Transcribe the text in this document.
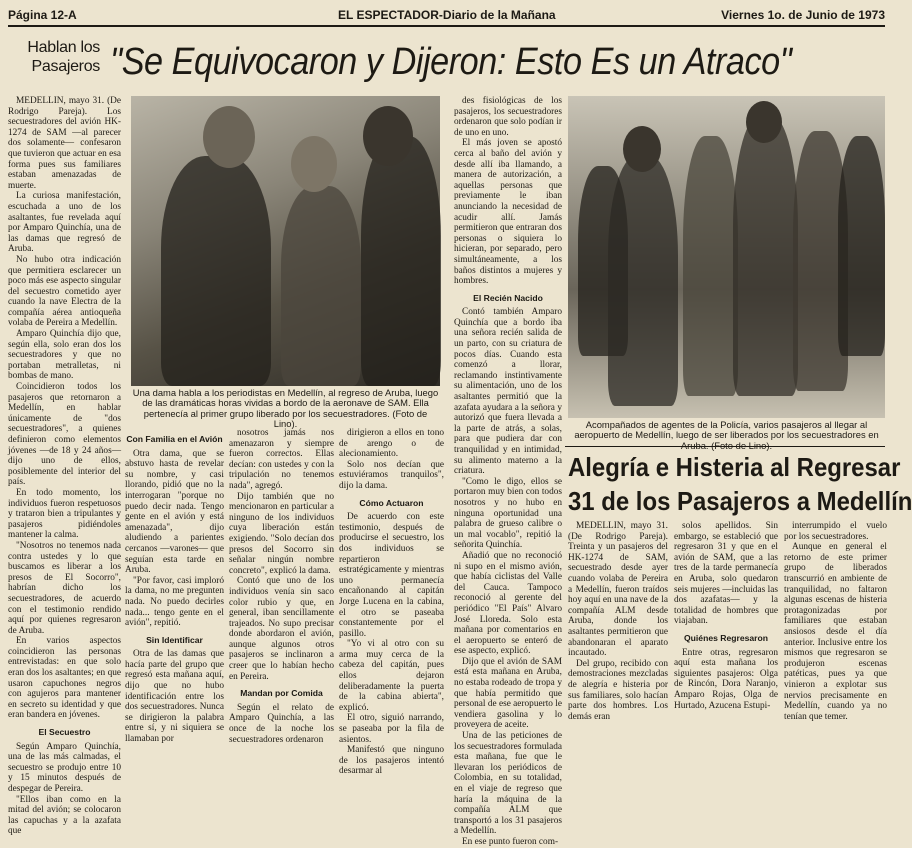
Página 12-A	EL ESPECTADOR-Diario de la Mañana	Viernes 1o. de Junio de 1973
Hablan los Pasajeros "Se Equivocaron y Dijeron: Esto Es un Atraco"

MEDELLIN, mayo 31. (De Rodrigo Pareja). Los secuestradores del avión HK-1274 de SAM —al parecer dos solamente— confesaron que tuvieron que actuar en esa forma pues sus familiares estaban amenazadas de muerte.

La curiosa manifestación, escuchada a uno de los asaltantes, fue revelada aquí por Amparo Quinchía, una de las damas que regresó de Aruba.

No hubo otra indicación que permitiera esclarecer un poco más ese aspecto singular del secuestro cometido ayer cuando la nave Electra de la compañía aérea antioqueña volaba de Pereira a Medellín.

Amparo Quinchía dijo que, según ella, solo eran dos los secuestradores y que no portaban metralletas, ni bombas de mano.

Coincidieron todos los pasajeros que retornaron a Medellín, en hablar únicamente de "dos secuestradores", a quienes definieron como elementos jóvenes —de 18 y 24 años— dijo uno de ellos, posiblemente del interior del país.

En todo momento, los individuos fueron respetuosos y trataron bien a tripulantes y pasajeros pidiéndoles mantener la calma.

"Nosotros no tenemos nada contra ustedes y lo que buscamos es liberar a los presos de El Socorro", habrían dicho los secuestradores, de acuerdo con el testimonio rendido aquí por quienes regresaron de Aruba.

En varios aspectos coincidieron las personas entrevistadas: en que solo eran dos los asaltantes; en que usaron capuchones negros con agujeros para mantener en secreto su identidad y que eran bandera en jóvenes.

El Secuestro

Según Amparo Quinchía, una de las más calmadas, el secuestro se produjo entre 10 y 15 minutos después de despegar de Pereira.

"Ellos iban como en la mitad del avión; se colocaron las capuchas y a la azafata que

Una dama habla a los periodistas en Medellín, al regreso de Aruba, luego de las dramáticas horas vividas a bordo de la aeronave de SAM. Ella pertenecía al primer grupo liberado por los secuestradores. (Foto de Lino).

Con Familia en el Avión

Otra dama, que se abstuvo hasta de revelar su nombre, y casi llorando, pidió que no la interrogaran "porque no puedo decir nada. Tengo gente en el avión y está amenazada", dijo aludiendo a parientes cercanos —varones— que seguían esta tarde en Aruba.

"Por favor, casi imploró la dama, no me pregunten nada. No puedo decirles nada... tengo gente en el avión", repitió.

Sin Identificar

Otra de las damas que hacía parte del grupo que regresó esta mañana aquí, dijo que no hubo identificación entre los dos secuestradores. Nunca se dirigieron la palabra entre sí, y ni siquiera se llamaban por

nosotros jamás nos amenazaron y siempre fueron correctos. Ellas decían: con ustedes y con la tripulación no tenemos nada", agregó.

Dijo también que no mencionaron en particular a ninguno de los individuos cuya liberación están exigiendo. "Solo decían dos presos del Socorro sin señalar ningún nombre concreto", explicó la dama.

Contó que uno de los individuos venía sin saco color rubio y que, en general, iban sencillamente trajeados. No supo precisar donde abordaron el avión, aunque algunos otros pasajeros se inclinaron a creer que lo habían hecho en Pereira.

Mandan por Comida

Según el relato de Amparo Quinchía, a las once de la noche los secuestradores ordenaron

dirigieron a ellos en tono de arengo o de alecionamiento.

Solo nos decían que estuviéramos tranquilos", dijo la dama.

Cómo Actuaron

De acuerdo con este testimonio, después de producirse el secuestro, los dos individuos se repartieron estratégicamente y mientras uno permanecía encañonando al capitán Jorge Lucena en la cabina, el otro se paseaba constantemente por el pasillo.

"Yo vi al otro con su arma muy cerca de la cabeza del capitán, pues ellos dejaron deliberadamente la puerta de la cabina abierta", explicó.

El otro, siguió narrando, se paseaba por la fila de asientos.

Manifestó que ninguno de los pasajeros intentó desarmar al

des fisiológicas de los pasajeros, los secuestradores ordenaron que solo podían ir de uno en uno.

El más joven se apostó cerca al baño del avión y desde allí iba llamando, a manera de autorización, a aquellas personas que previamente le iban anunciando la necesidad de acudir allí. Jamás permitieron que entraran dos personas o siquiera lo hicieran, por separado, pero simultáneamente, a los baños distintos a mujeres y hombres.

El Recién Nacido

Contó también Amparo Quinchía que a bordo iba una señora recién salida de un parto, con su criatura de pocos días. Cuando esta comenzó a llorar, reclamando instintivamente su alimentación, uno de los asaltantes permitió que la azafata ayudara a la señora y autorizó que fuera llevada a la parte de atrás, a solas, para que pudiera dar con tranquilidad y en intimidad, su alimento materno a la criatura.

"Como le digo, ellos se portaron muy bien con todos nosotros y no hubo en ninguna oportunidad una palabra de grueso calibre o un mal vocablo", repitió la señorita Quinchía.

Añadió que no reconoció ni supo en el mismo avión, que había ciclistas del Valle del Cauca. Tampoco reconoció al gerente del periódico "El País" Alvaro José Lloreda. Solo esta mañana por comentarios en el aeropuerto se enteró de ese aspecto, explicó.

Dijo que el avión de SAM está esta mañana en Aruba, no estaba rodeado de tropa y que había permitido que personal de ese aeropuerto le vendiera gasolina y lo proveyera de aceite.

Una de las peticiones de los secuestradores formulada esta mañana, fue que le llevaran los periódicos de Colombia, en su totalidad, en el viaje de regreso que haría la máquina de la compañía ALM que transportó a los 31 pasajeros a Medellín.

En ese punto fueron com-

Acompañados de agentes de la Policía, varios pasajeros al llegar al aeropuerto de Medellín, luego de ser liberados por los secuestradores en Aruba. (Foto de Lino).
Alegría e Histeria al Regresar
31 de los Pasajeros a Medellín

MEDELLIN, mayo 31. (De Rodrigo Pareja). Treinta y un pasajeros del HK-1274 de SAM, secuestrado desde ayer cuando volaba de Pereira a Medellín, fueron traídos hoy aquí en una nave de la compañía ALM desde Aruba, donde los asaltantes permitieron que abandonaran el aparato incautado.

Del grupo, recibido con demostraciones mezcladas de alegría e histeria por sus familiares, solo hacían parte dos hombres. Los demás eran

solos apellidos. Sin embargo, se estableció que regresaron 31 y que en el avión de SAM, que a las tres de la tarde permanecía en Aruba, solo quedaron seis mujeres —incluidas las dos azafatas— y la totalidad de hombres que viajaban.

Quiénes Regresaron

Entre otras, regresaron aquí esta mañana los siguientes pasajeros: Olga de Rincón, Dora Naranjo, Amparo Rojas, Olga de Hurtado, Azucena Estupi-

interrumpido el vuelo por los secuestradores.

Aunque en general el retorno de este primer grupo de liberados transcurrió en ambiente de tranquilidad, no faltaron algunas escenas de histeria protagonizadas por familiares que estaban ansiosos desde el día anterior. Inclusive entre los mismos que regresaron se produjeron escenas patéticas, pues ya que vinieron a explotar sus nervios precisamente en Medellín, cuando ya no tenían que temer.
